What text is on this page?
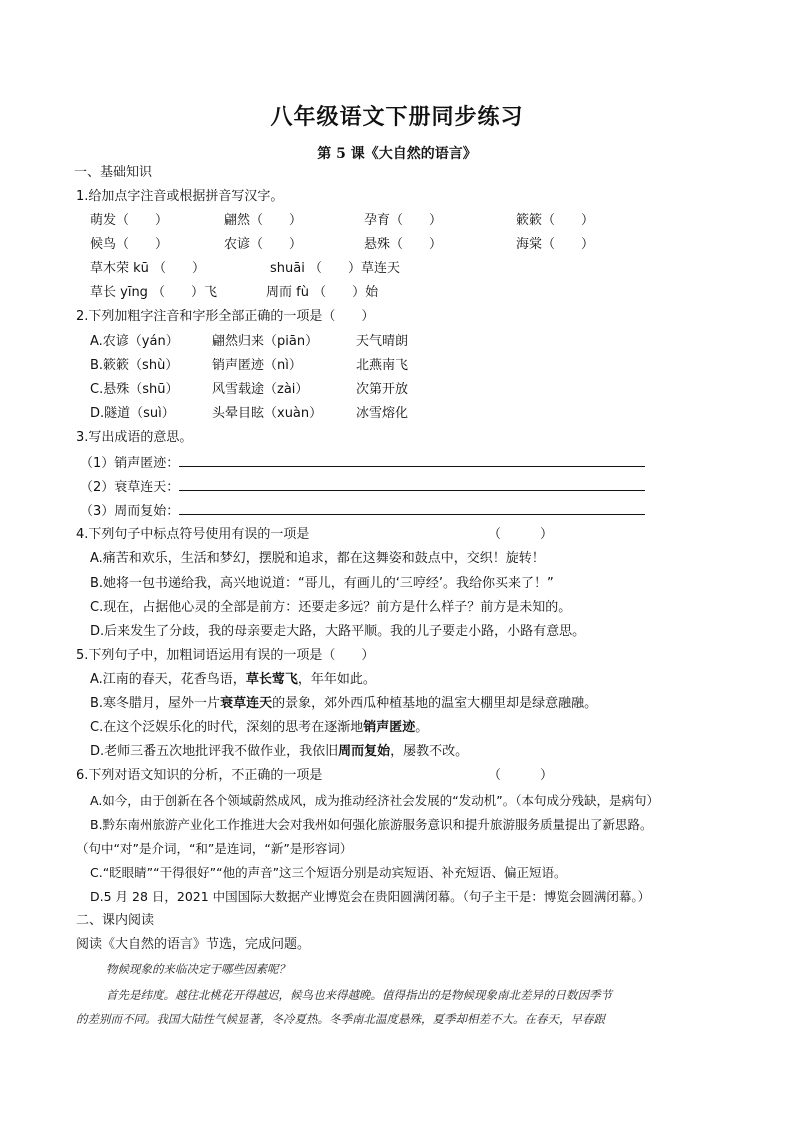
八年级语文下册同步练习
第 5 课《大自然的语言》
一、基础知识
1.给加点字注音或根据拼音写汉字。
萌发（　　）	翩然（　　）	孕育（　　）	簌簌（　　）
候鸟（　　）	农谚（　　）	悬殊（　　）	海棠（　　）
草木荣 kū （　　）	shuāi （　　）草连天
草长 yīng （　　）飞	周而 fù （　　）始
2.下列加粗字注音和字形全部正确的一项是（　　）
A.农谚（yán）	翩然归来（piān）	天气晴朗
B.簌簌（shù）	销声匿迹（nì）	北燕南飞
C.悬殊（shū）	风雪载途（zài）	次第开放
D.隧道（suì）	头晕目眩（xuàn）	冰雪熔化
3.写出成语的意思。
（1）销声匿迹：
（2）衰草连天：
（3）周而复始：
4.下列句子中标点符号使用有误的一项是	（　　　）
A.痛苦和欢乐，生活和梦幻，摆脱和追求，都在这舞姿和鼓点中，交织！旋转！
B.她将一包书递给我，高兴地说道：“哥儿，有画儿的‘三哼经’。我给你买来了！”
C.现在，占据他心灵的全部是前方：还要走多远？前方是什么样子？前方是未知的。
D.后来发生了分歧，我的母亲要走大路，大路平顺。我的儿子要走小路，小路有意思。
5.下列句子中，加粗词语运用有误的一项是（　　）
A.江南的春天，花香鸟语，草长莺飞，年年如此。
B.寒冬腊月，屋外一片衰草连天的景象，郊外西瓜种植基地的温室大棚里却是绿意融融。
C.在这个泛娱乐化的时代，深刻的思考在逐渐地销声匿迹。
D.老师三番五次地批评我不做作业，我依旧周而复始，屡教不改。
6.下列对语文知识的分析，不正确的一项是	（　　　）
A.如今，由于创新在各个领域蔚然成风，成为推动经济社会发展的“发动机”。（本句成分残缺，是病句）
B.黔东南州旅游产业化工作推进大会对我州如何强化旅游服务意识和提升旅游服务质量提出了新思路。
（句中“对”是介词，“和”是连词，“新”是形容词）
C.“眨眼睛”“干得很好”“他的声音”这三个短语分别是动宾短语、补充短语、偏正短语。
D.5 月 28 日，2021 中国国际大数据产业博览会在贵阳圆满闭幕。（句子主干是：博览会圆满闭幕。）
二、课内阅读
阅读《大自然的语言》节选，完成问题。
物候现象的来临决定于哪些因素呢？
首先是纬度。越往北桃花开得越迟，候鸟也来得越晚。值得指出的是物候现象南北差异的日数因季节
的差别而不同。我国大陆性气候显著，冬冷夏热。冬季南北温度悬殊，夏季却相差不大。在春天，早春跟
